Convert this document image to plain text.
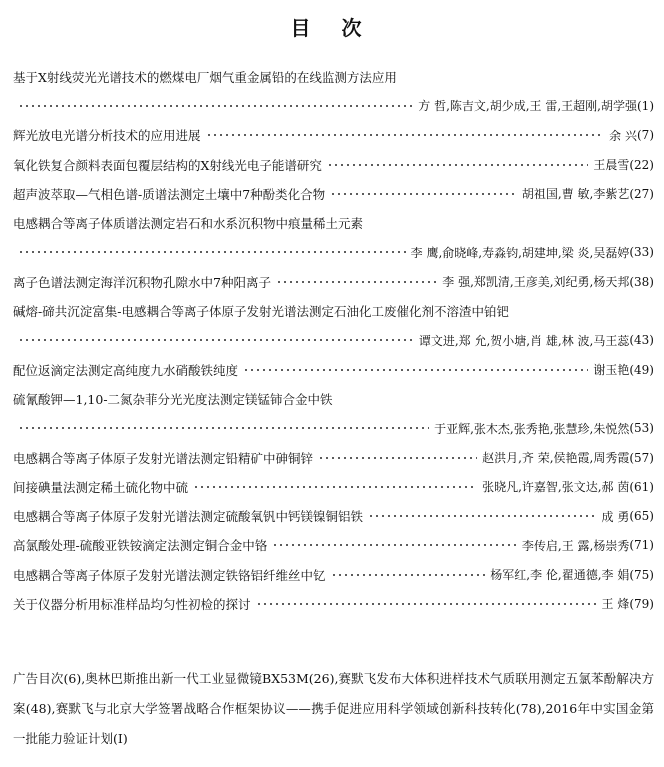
目 次
基于X射线荧光光谱技术的燃煤电厂烟气重金属铅的在线监测方法应用
方 哲,陈吉文,胡少成,王 雷,王超刚,胡学强 (1)
辉光放电光谱分析技术的应用进展	余 兴 (7)
氧化铁复合颜料表面包覆层结构的X射线光电子能谱研究	王晨雪 (22)
超声波萃取—气相色谱-质谱法测定土壤中7种酚类化合物	胡祖国,曹 敏,李紫艺 (27)
电感耦合等离子体质谱法测定岩石和水系沉积物中痕量稀土元素
李 鹰,俞晓峰,寿淼钧,胡建坤,梁 炎,吴磊婷 (33)
离子色谱法测定海洋沉积物孔隙水中7种阳离子	李 强,郑凯清,王彦美,刘纪勇,杨天邦 (38)
碱熔-碲共沉淀富集-电感耦合等离子体原子发射光谱法测定石油化工废催化剂不溶渣中铂钯
谭文进,郑 允,贺小塘,肖 雄,林 波,马王蕊 (43)
配位返滴定法测定高纯度九水硝酸铁纯度	谢玉艳 (49)
硫氰酸钾—1,10-二氮杂菲分光光度法测定镁锰铈合金中铁
于亚辉,张木杰,张秀艳,张慧珍,朱悦然 (53)
电感耦合等离子体原子发射光谱法测定铅精矿中砷铜锌	赵洪月,齐 荣,侯艳霞,周秀霞 (57)
间接碘量法测定稀土硫化物中硫	张晓凡,许嘉智,张文达,郝 茵 (61)
电感耦合等离子体原子发射光谱法测定硫酸氧钒中钙镁镍铜铝铁	成 勇 (65)
高氯酸处理-硫酸亚铁铵滴定法测定铜合金中铬	李传启,王 露,杨崇秀 (71)
电感耦合等离子体原子发射光谱法测定铁铬铝纤维丝中钇	杨军红,李 伦,翟通德,李 娟 (75)
关于仪器分析用标准样品均匀性初检的探讨	王 烽 (79)
广告目次(6),奥林巴斯推出新一代工业显微镜BX53M(26),赛默飞发布大体积进样技术气质联用测定五氯苯酚解决方案(48),赛默飞与北京大学签署战略合作框架协议——携手促进应用科学领域创新科技转化(78),2016年中实国金第一批能力验证计划(Ⅰ)
